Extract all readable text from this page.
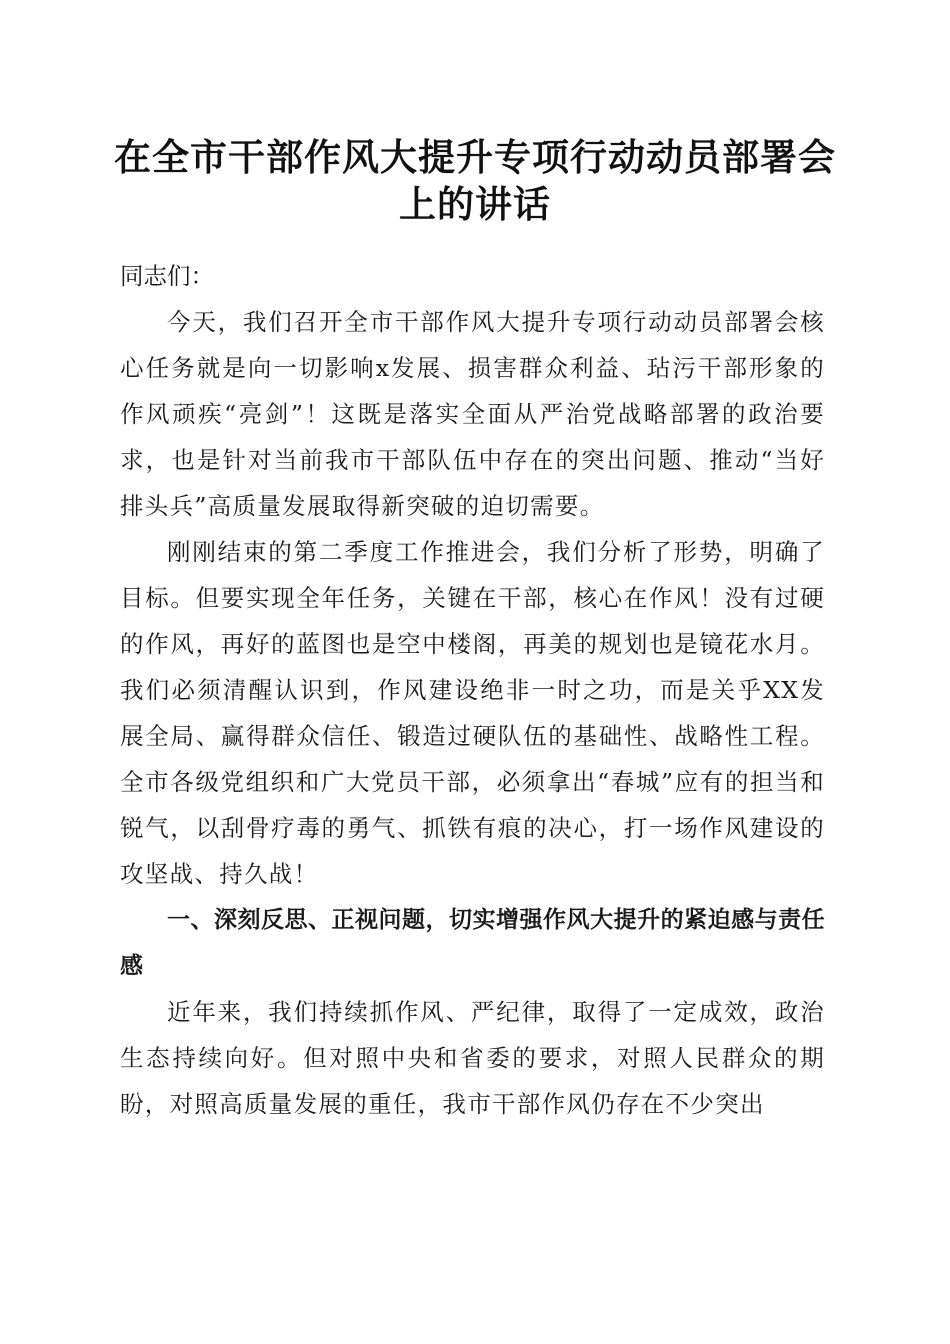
在全市干部作风大提升专项行动动员部署会上的讲话

同志们：

今天，我们召开全市干部作风大提升专项行动动员部署会核心任务就是向一切影响x发展、损害群众利益、玷污干部形象的作风顽疾“亮剑”！这既是落实全面从严治党战略部署的政治要求，也是针对当前我市干部队伍中存在的突出问题、推动“当好排头兵”高质量发展取得新突破的迫切需要。

刚刚结束的第二季度工作推进会，我们分析了形势，明确了目标。但要实现全年任务，关键在干部，核心在作风！没有过硬的作风，再好的蓝图也是空中楼阁，再美的规划也是镜花水月。我们必须清醒认识到，作风建设绝非一时之功，而是关乎XX发展全局、赢得群众信任、锻造过硬队伍的基础性、战略性工程。全市各级党组织和广大党员干部，必须拿出“春城”应有的担当和锐气，以刮骨疗毒的勇气、抓铁有痕的决心，打一场作风建设的攻坚战、持久战！

一、深刻反思、正视问题，切实增强作风大提升的紧迫感与责任感

近年来，我们持续抓作风、严纪律，取得了一定成效，政治生态持续向好。但对照中央和省委的要求，对照人民群众的期盼，对照高质量发展的重任，我市干部作风仍存在不少突出
